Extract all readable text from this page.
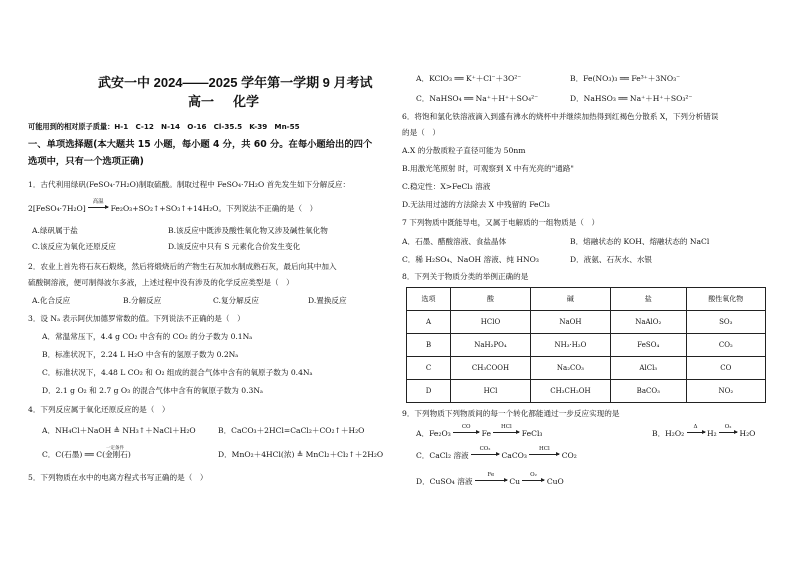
武安一中 2024——2025 学年第一学期 9 月考试
高一 化学
可能用到的相对原子质量：H-1　C-12　N-14　O-16　Cl-35.5　K-39　Mn-55
一、单项选择题(本大题共 15 小题，每小题 4 分，共 60 分。在每小题给出的四个
选项中，只有一个选项正确)
1．古代利用绿矾(FeSO₄·7H₂O)制取硫酸。制取过程中 FeSO₄·7H₂O 首先发生如下分解反应：
2[FeSO₄·7H₂O]
高温
Fe₂O₃+SO₂↑+SO₃↑+14H₂O。下列说法不正确的是（　）
A.绿矾属于盐	B.该反应中既涉及酸性氧化物又涉及碱性氧化物
C.该反应为氧化还原反应	D.该反应中只有 S 元素化合价发生变化
2．农业上首先将石灰石煅烧，然后将煅烧后的产物生石灰加水制成熟石灰，最后向其中加入
硫酸铜溶液，便可制得波尔多液，上述过程中没有涉及的化学反应类型是（　）
A.化合反应	B.分解反应	C.复分解反应	D.置换反应
3．设 Nₐ 表示阿伏加德罗常数的值。下列说法不正确的是（　）
A．常温常压下，4.4 g CO₂ 中含有的 CO₂ 的分子数为 0.1Nₐ
B．标准状况下，2.24 L H₂O 中含有的氢原子数为 0.2Nₐ
C．标准状况下，4.48 L CO₂ 和 O₂ 组成的混合气体中含有的氧原子数为 0.4Nₐ
D．2.1 g O₂ 和 2.7 g O₃ 的混合气体中含有的氧原子数为 0.3Nₐ
4．下列反应属于氧化还原反应的是（　）
A．NH₄Cl＋NaOH ≜ NH₃↑＋NaCl＋H₂O	B．CaCO₃＋2HCl=CaCl₂＋CO₂↑＋H₂O
C．C(石墨) ══ C(金刚石)
一定条件
D．MnO₂＋4HCl(浓) ≜ MnCl₂＋Cl₂↑＋2H₂O
5．下列物质在水中的电离方程式书写正确的是（　）
A．KClO₃ ══ K⁺＋Cl⁻＋3O²⁻	B．Fe(NO₃)₃ ══ Fe³⁺＋3NO₃⁻
C．NaHSO₄ ══ Na⁺＋H⁺＋SO₄²⁻	D．NaHSO₃ ══ Na⁺＋H⁺＋SO₃²⁻
6．将饱和氯化铁溶液滴入到盛有沸水的烧杯中并继续加热得到红褐色分散系 X，下列分析错误
的是（　）
A.X 的分散质粒子直径可能为 50nm
B.用激光笔照射 时，可观察到 X 中有光亮的"通路"
C.稳定性：X>FeCl₃ 溶液
D.无法用过滤的方法除去 X 中残留的 FeCl₃
7 下列物质中既能导电，又属于电解质的一组物质是（　）
A．石墨、醋酸溶液、食盐晶体	B．熔融状态的 KOH、熔融状态的 NaCl
C．稀 H₂SO₄、NaOH 溶液、纯 HNO₃	D．液氨、石灰水、水银
8．下列关于物质分类的举例正确的是
选项	酸	碱	盐	酸性氧化物
A	HClO	NaOH	NaAlO₂	SO₃
B	NaH₂PO₄	NH₃·H₂O	FeSO₄	CO₂
C	CH₃COOH	Na₂CO₃	AlCl₃	CO
D	HCl	CH₃CH₂OH	BaCO₃	NO₂
9．下列物质下列物质间的每一个转化都能通过一步反应实现的是
A．Fe₂O₃
CO
Fe
HCl
FeCl₃	B．H₂O₂
Δ
H₂
O₂
H₂O
C．CaCl₂ 溶液
CO₂
CaCO₃
HCl
CO₂
D．CuSO₄ 溶液
Fe
Cu
O₂
CuO
